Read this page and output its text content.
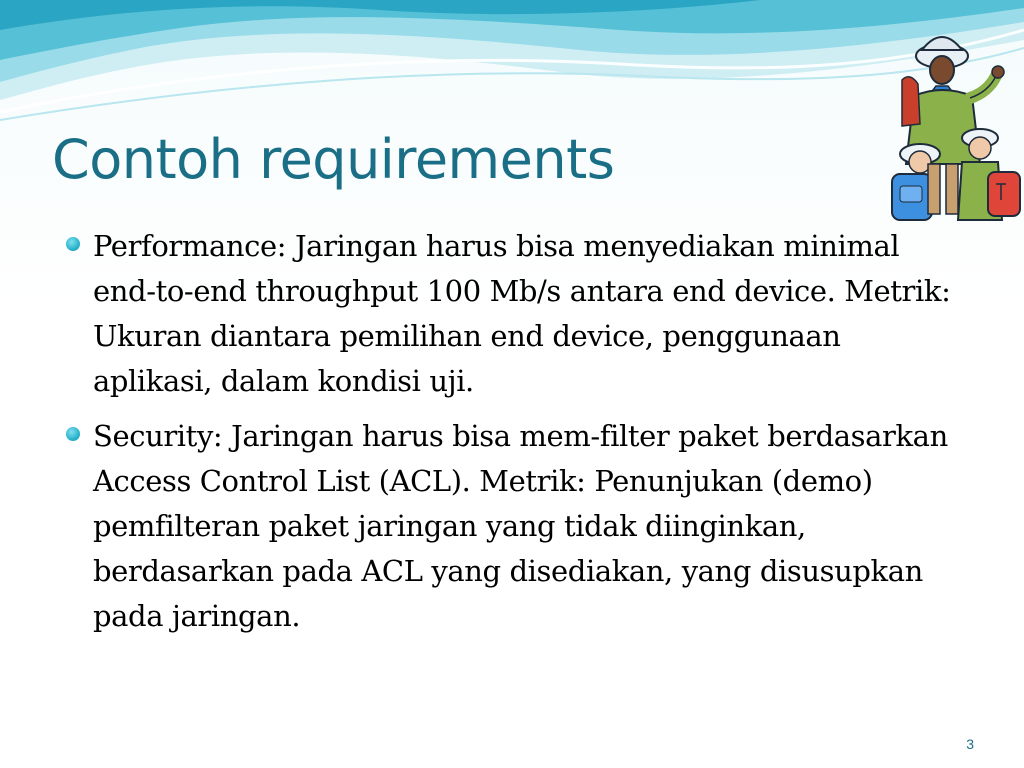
Contoh requirements
Performance: Jaringan harus bisa menyediakan minimal end-to-end throughput 100 Mb/s antara end device. Metrik: Ukuran diantara pemilihan end device, penggunaan aplikasi, dalam kondisi uji.
Security: Jaringan harus bisa mem-filter paket berdasarkan Access Control List (ACL). Metrik: Penunjukan (demo) pemfilteran paket jaringan yang tidak diinginkan, berdasarkan pada ACL yang disediakan, yang disusupkan pada jaringan.
3
